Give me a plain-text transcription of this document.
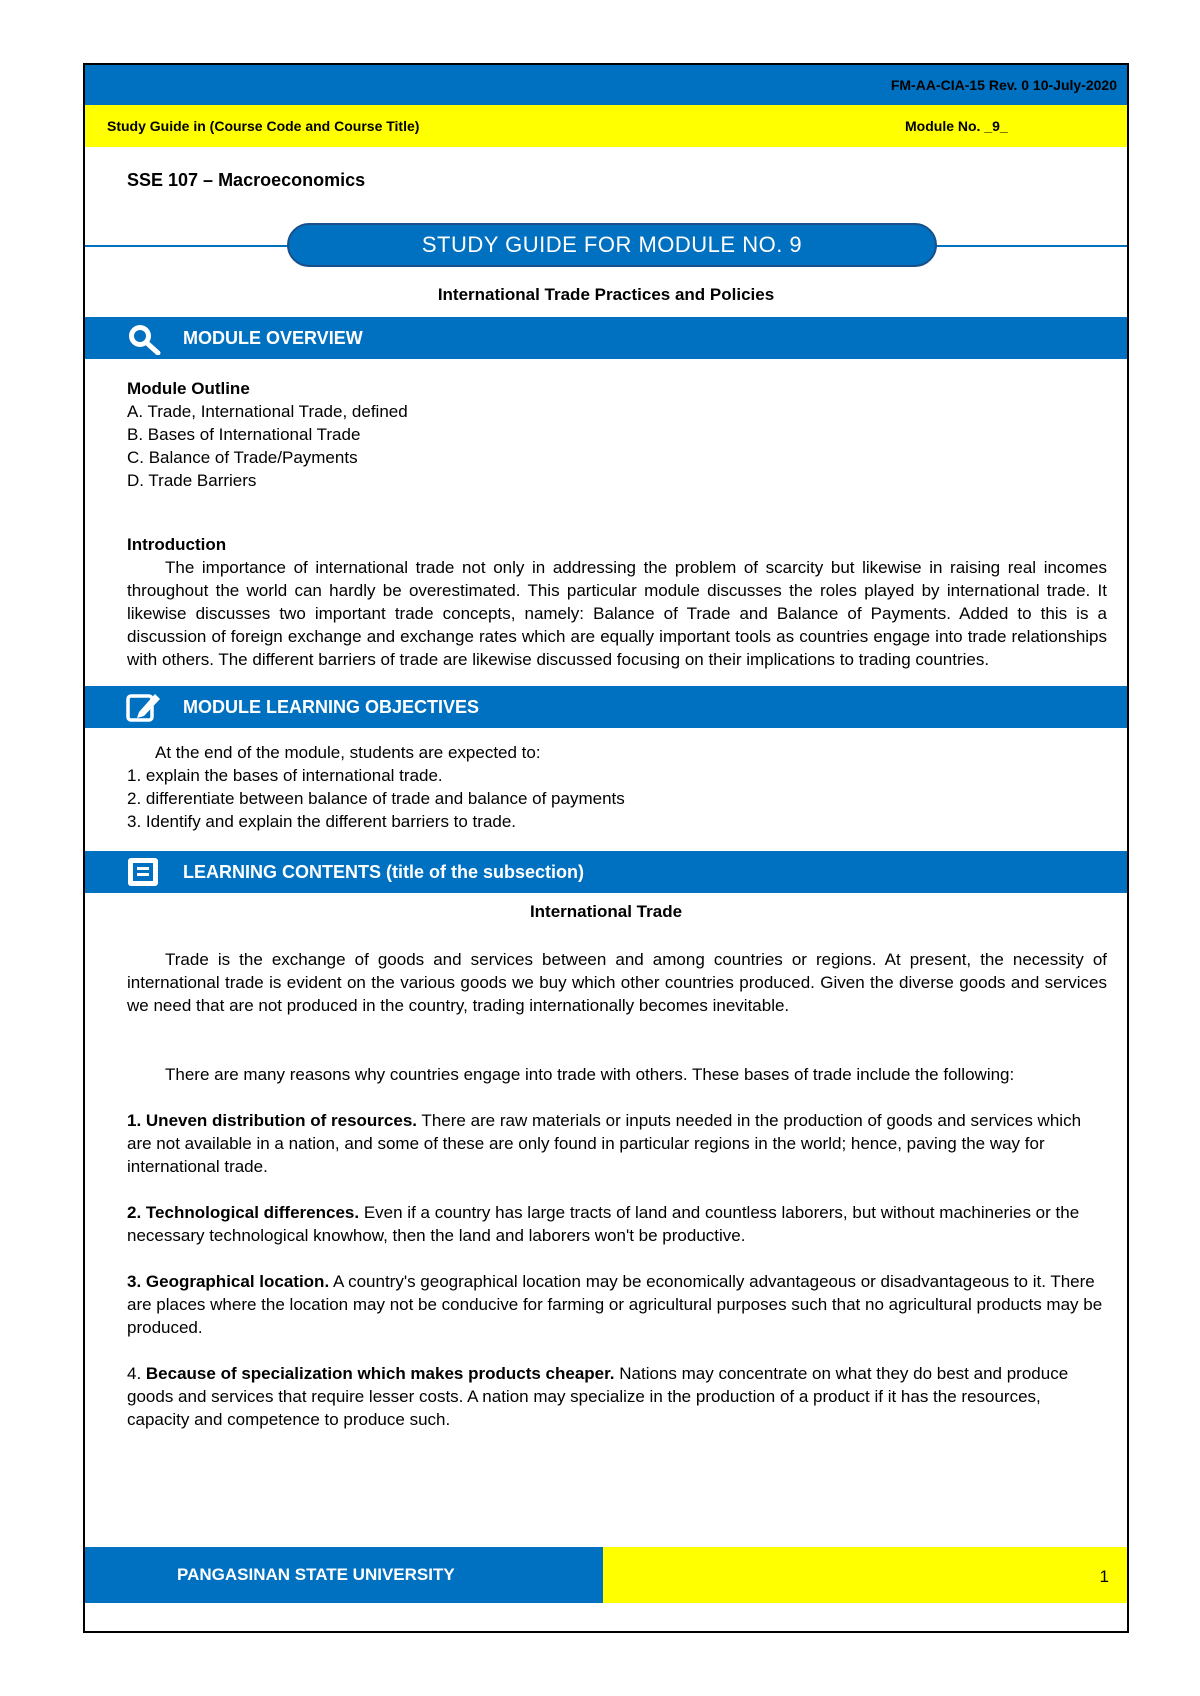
FM-AA-CIA-15 Rev. 0 10-July-2020
Study Guide in (Course Code and Course Title)	Module No. _9_
SSE 107 – Macroeconomics
STUDY GUIDE FOR MODULE NO. 9
International Trade Practices and Policies
MODULE OVERVIEW
Module Outline
A. Trade, International Trade, defined
B. Bases of International Trade
C. Balance of Trade/Payments
D. Trade Barriers
Introduction
The importance of international trade not only in addressing the problem of scarcity but likewise in raising real incomes throughout the world can hardly be overestimated. This particular module discusses the roles played by international trade. It likewise discusses two important trade concepts, namely: Balance of Trade and Balance of Payments. Added to this is a discussion of foreign exchange and exchange rates which are equally important tools as countries engage into trade relationships with others. The different barriers of trade are likewise discussed focusing on their implications to trading countries.
MODULE LEARNING OBJECTIVES
At the end of the module, students are expected to:
1. explain the bases of international trade.
2. differentiate between balance of trade and balance of payments
3. Identify and explain the different barriers to trade.
LEARNING CONTENTS (title of the subsection)
International Trade
Trade is the exchange of goods and services between and among countries or regions. At present, the necessity of international trade is evident on the various goods we buy which other countries produced. Given the diverse goods and services we need that are not produced in the country, trading internationally becomes inevitable.
There are many reasons why countries engage into trade with others. These bases of trade include the following:
1. Uneven distribution of resources. There are raw materials or inputs needed in the production of goods and services which are not available in a nation, and some of these are only found in particular regions in the world; hence, paving the way for international trade.
2. Technological differences. Even if a country has large tracts of land and countless laborers, but without machineries or the necessary technological knowhow, then the land and laborers won't be productive.
3. Geographical location. A country's geographical location may be economically advantageous or disadvantageous to it. There are places where the location may not be conducive for farming or agricultural purposes such that no agricultural products may be produced.
4. Because of specialization which makes products cheaper. Nations may concentrate on what they do best and produce goods and services that require lesser costs. A nation may specialize in the production of a product if it has the resources, capacity and competence to produce such.
PANGASINAN STATE UNIVERSITY	1
